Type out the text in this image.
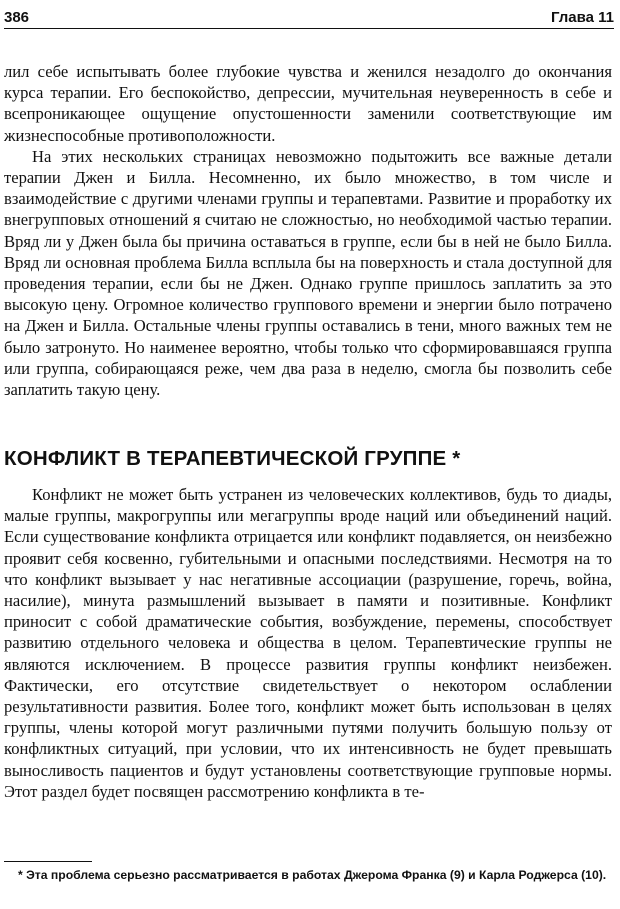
386	Глава 11

лил себе испытывать более глубокие чувства и женился незадолго до окончания курса терапии. Его беспокойство, депрессии, мучительная неуверенность в себе и всепроникающее ощущение опустошенности заменили соответствующие им жизнеспособные противоположности.

На этих нескольких страницах невозможно подытожить все важные детали терапии Джен и Билла. Несомненно, их было множество, в том числе и взаимодействие с другими членами группы и терапевтами. Развитие и проработку их внегрупповых отношений я считаю не сложностью, но необходимой частью терапии. Вряд ли у Джен была бы причина оставаться в группе, если бы в ней не было Билла. Вряд ли основная проблема Билла всплыла бы на поверхность и стала доступной для проведения терапии, если бы не Джен. Однако группе пришлось заплатить за это высокую цену. Огромное количество группового времени и энергии было потрачено на Джен и Билла. Остальные члены группы оставались в тени, много важных тем не было затронуто. Но наименее вероятно, чтобы только что сформировавшаяся группа или группа, собирающаяся реже, чем два раза в неделю, смогла бы позволить себе заплатить такую цену.

КОНФЛИКТ В ТЕРАПЕВТИЧЕСКОЙ ГРУППЕ *

Конфликт не может быть устранен из человеческих коллективов, будь то диады, малые группы, макрогруппы или мегагруппы вроде наций или объединений наций. Если существование конфликта отрицается или конфликт подавляется, он неизбежно проявит себя косвенно, губительными и опасными последствиями. Несмотря на то что конфликт вызывает у нас негативные ассоциации (разрушение, горечь, война, насилие), минута размышлений вызывает в памяти и позитивные. Конфликт приносит с собой драматические события, возбуждение, перемены, способствует развитию отдельного человека и общества в целом. Терапевтические группы не являются исключением. В процессе развития группы конфликт неизбежен. Фактически, его отсутствие свидетельствует о некотором ослаблении результативности развития. Более того, конфликт может быть использован в целях группы, члены которой могут различными путями получить большую пользу от конфликтных ситуаций, при условии, что их интенсивность не будет превышать выносливость пациентов и будут установлены соответствующие групповые нормы. Этот раздел будет посвящен рассмотрению конфликта в те-

* Эта проблема серьезно рассматривается в работах Джерома Франка (9) и Карла Роджерса (10).
